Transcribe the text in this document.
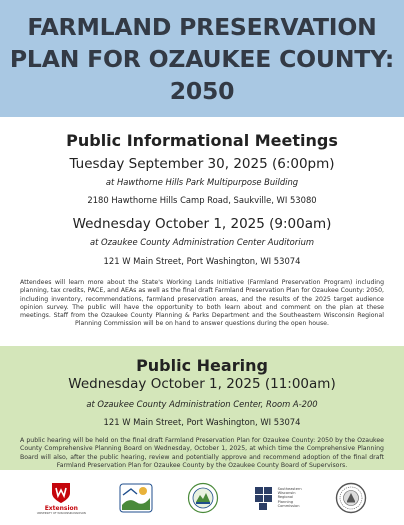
FARMLAND PRESERVATION
PLAN FOR OZAUKEE COUNTY:
2050
Public Informational Meetings
Tuesday September 30, 2025 (6:00pm)
at Hawthorne Hills Park Multipurpose Building
2180 Hawthorne Hills Camp Road, Saukville, WI 53080
Wednesday October 1, 2025 (9:00am)
at Ozaukee County Administration Center Auditorium
121 W Main Street, Port Washington, WI 53074

Attendees will learn more about the State's Working Lands Initiative (Farmland Preservation Program) including planning, tax credits, PACE, and AEAs as well as the final draft Farmland Preservation Plan for Ozaukee County: 2050, including inventory, recommendations, farmland preservation areas, and the results of the 2025 target audience opinion survey. The public will have the opportunity to both learn about and comment on the plan at these meetings. Staff from the Ozaukee County Planning & Parks Department and the Southeastern Wisconsin Regional Planning Commission will be on hand to answer questions during the open house.

Public Hearing
Wednesday October 1, 2025 (11:00am)
at Ozaukee County Administration Center, Room A-200
121 W Main Street, Port Washington, WI 53074

A public hearing will be held on the final draft Farmland Preservation Plan for Ozaukee County: 2050 by the Ozaukee County Comprehensive Planning Board on Wednesday, October 1, 2025, at which time the Comprehensive Planning Board will also, after the public hearing, review and potentially approve and recommend adoption of the final draft Farmland Preservation Plan for Ozaukee County by the Ozaukee County Board of Supervisors.

Extension
UNIVERSITY OF WISCONSIN-MADISON
Southeastern
Wisconsin
Regional
Planning
Commission
